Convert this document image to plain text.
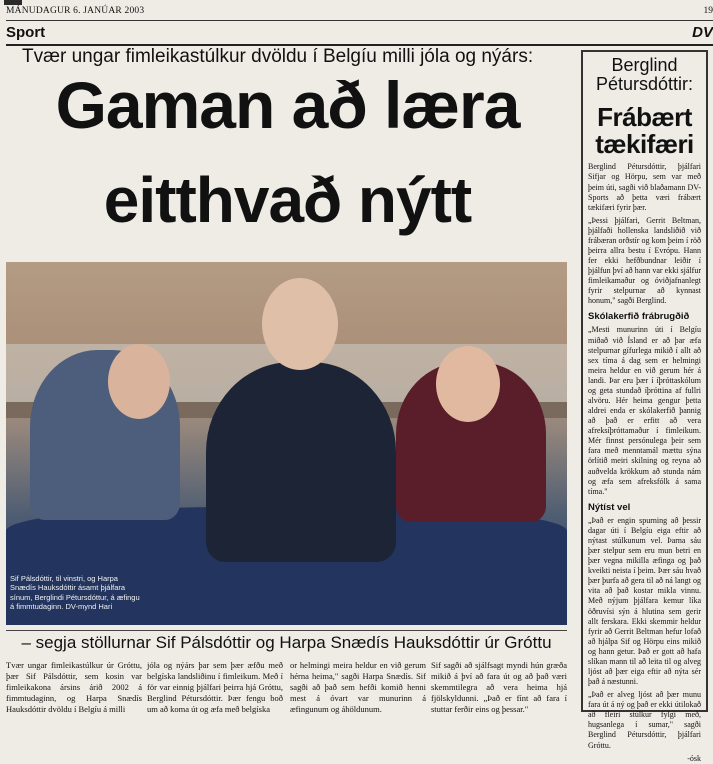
MÁNUDAGUR 6. JANÚAR 2003	19
Sport	DV
Tvær ungar fimleikastúlkur dvöldu í Belgíu milli jóla og nýárs:
Gaman að læra
eitthvað nýtt
Sif Pálsdóttir, til vinstri, og Harpa Snædís Hauksdóttir ásamt þjálfara sínum, Berglindi Pétursdóttur, á æfingu á fimmtudaginn. DV-mynd Hari
– segja stöllurnar Sif Pálsdóttir og Harpa Snædís Hauksdóttir úr Gróttu
Tvær ungar fimleikastúlkur úr Gróttu, þær Sif Pálsdóttir, sem kosin var fimleikakona ársins árið 2002 á fimmtudaginn, og Harpa Snædís Hauksdóttir dvöldu í Belgíu á milli
jóla og nýárs þar sem þær æfðu með belgíska landsliðinu í fimleikum. Með í för var einnig þjálfari þeirra hjá Gróttu, Berglind Pétursdóttir. Þær fengu boð um að koma út og æfa með belgíska
or helmingi meira heldur en við gerum hérna heima," sagði Harpa Snædís. Sif sagði að það sem hefði komið henni mest á óvart var munurinn á æfingunum og áhöldunum.
Sif sagði að sjálfsagt myndi hún græða mikið á því að fara út og að það væri skemmtilegra að vera heima hjá fjölskyldunni. „Það er fínt að fara í stuttar ferðir eins og þessar."
Berglind Pétursdóttir:
Frábært tækifæri

Berglind Pétursdóttir, þjálfari Sifjar og Hörpu, sem var með þeim úti, sagði við blaðamann DV-Sports að þetta væri frábært tækifæri fyrir þær.

„Þessi þjálfari, Gerrit Beltman, þjálfaði hollenska landsliðið við frábæran orðstír og kom þeim í röð þeirra allra bestu í Evrópu. Hann fer ekki hefðbundnar leiðir í þjálfun því að hann var ekki sjálfur fimleikamaður og óviðjafnanlegt fyrir stelpurnar að kynnast honum," sagði Berglind.

Skólakerfið frábrugðið

„Mesti munurinn úti í Belgíu miðað við Ísland er að þar æfa stelpurnar gífurlega mikið í allt að sex tíma á dag sem er helmingi meira heldur en við gerum hér á landi. Þar eru þær í íþróttaskólum og geta stundað íþróttina af fullri alvöru. Hér heima gengur þetta aldrei enda er skólakerfið þannig að það er erfitt að vera afreksíþróttamaður í fimleikum. Mér finnst persónulega þeir sem fara með menntamál mættu sýna örlítið meiri skilning og reyna að auðvelda krökkum að stunda nám og æfa sem afreksfólk á sama tíma."

Nýtíst vel

„Það er engin spurning að þessir dagar úti í Belgíu eiga eftir að nýtast stúlkunum vel. Þarna sáu þær stelpur sem eru mun betri en þær vegna mikilla æfinga og það kveikti neista í þeim. Þær sáu hvað þær þurfa að gera til að ná langt og vita að það kostar mikla vinnu. Með nýjum þjálfara kemur líka öðruvísi sýn á hlutina sem gerir allt ferskara. Ekki skemmir heldur fyrir að Gerrit Beltman hefur lofað að hjálpa Sif og Hörpu eins mikið og hann getur. Það er gott að hafa slíkan mann til að leita til og alveg ljóst að þær eiga eftir að nýta sér það á næstunni.

„Það er alveg ljóst að þær munu fara út á ný og það er ekki útilokað að fleiri stúlkur fylgi með, hugsanlega í sumar," sagði Berglind Pétursdóttir, þjálfari Gróttu.

-ósk
